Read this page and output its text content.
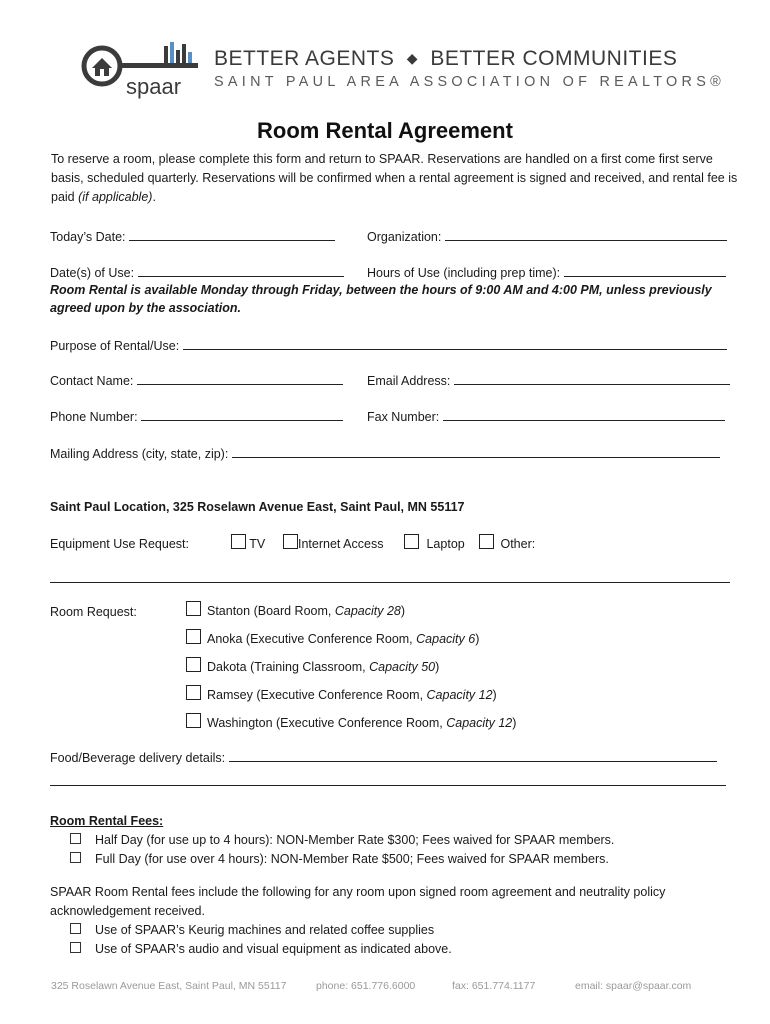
spaar
BETTER AGENTS ◆ BETTER COMMUNITIES
SAINT PAUL AREA ASSOCIATION OF REALTORS®
Room Rental Agreement
To reserve a room, please complete this form and return to SPAAR. Reservations are handled on a first come first serve basis, scheduled quarterly. Reservations will be confirmed when a rental agreement is signed and received, and rental fee is paid (if applicable).
Today’s Date:	Organization:
Date(s) of Use:	Hours of Use (including prep time):
Room Rental is available Monday through Friday, between the hours of 9:00 AM and 4:00 PM, unless previously agreed upon by the association.
Purpose of Rental/Use:
Contact Name:	Email Address:
Phone Number:	Fax Number:
Mailing Address (city, state, zip):
Saint Paul Location, 325 Roselawn Avenue East, Saint Paul, MN 55117
Equipment Use Request:	TV	Internet Access	Laptop	Other:
Room Request:	Stanton (Board Room, Capacity 28)
Anoka (Executive Conference Room, Capacity 6)
Dakota (Training Classroom, Capacity 50)
Ramsey (Executive Conference Room, Capacity 12)
Washington (Executive Conference Room, Capacity 12)
Food/Beverage delivery details:
Room Rental Fees:
Half Day (for use up to 4 hours): NON-Member Rate $300; Fees waived for SPAAR members.
Full Day (for use over 4 hours): NON-Member Rate $500; Fees waived for SPAAR members.
SPAAR Room Rental fees include the following for any room upon signed room agreement and neutrality policy acknowledgement received.
Use of SPAAR’s Keurig machines and related coffee supplies
Use of SPAAR’s audio and visual equipment as indicated above.
325 Roselawn Avenue East, Saint Paul, MN 55117	phone: 651.776.6000	fax: 651.774.1177	email: spaar@spaar.com
